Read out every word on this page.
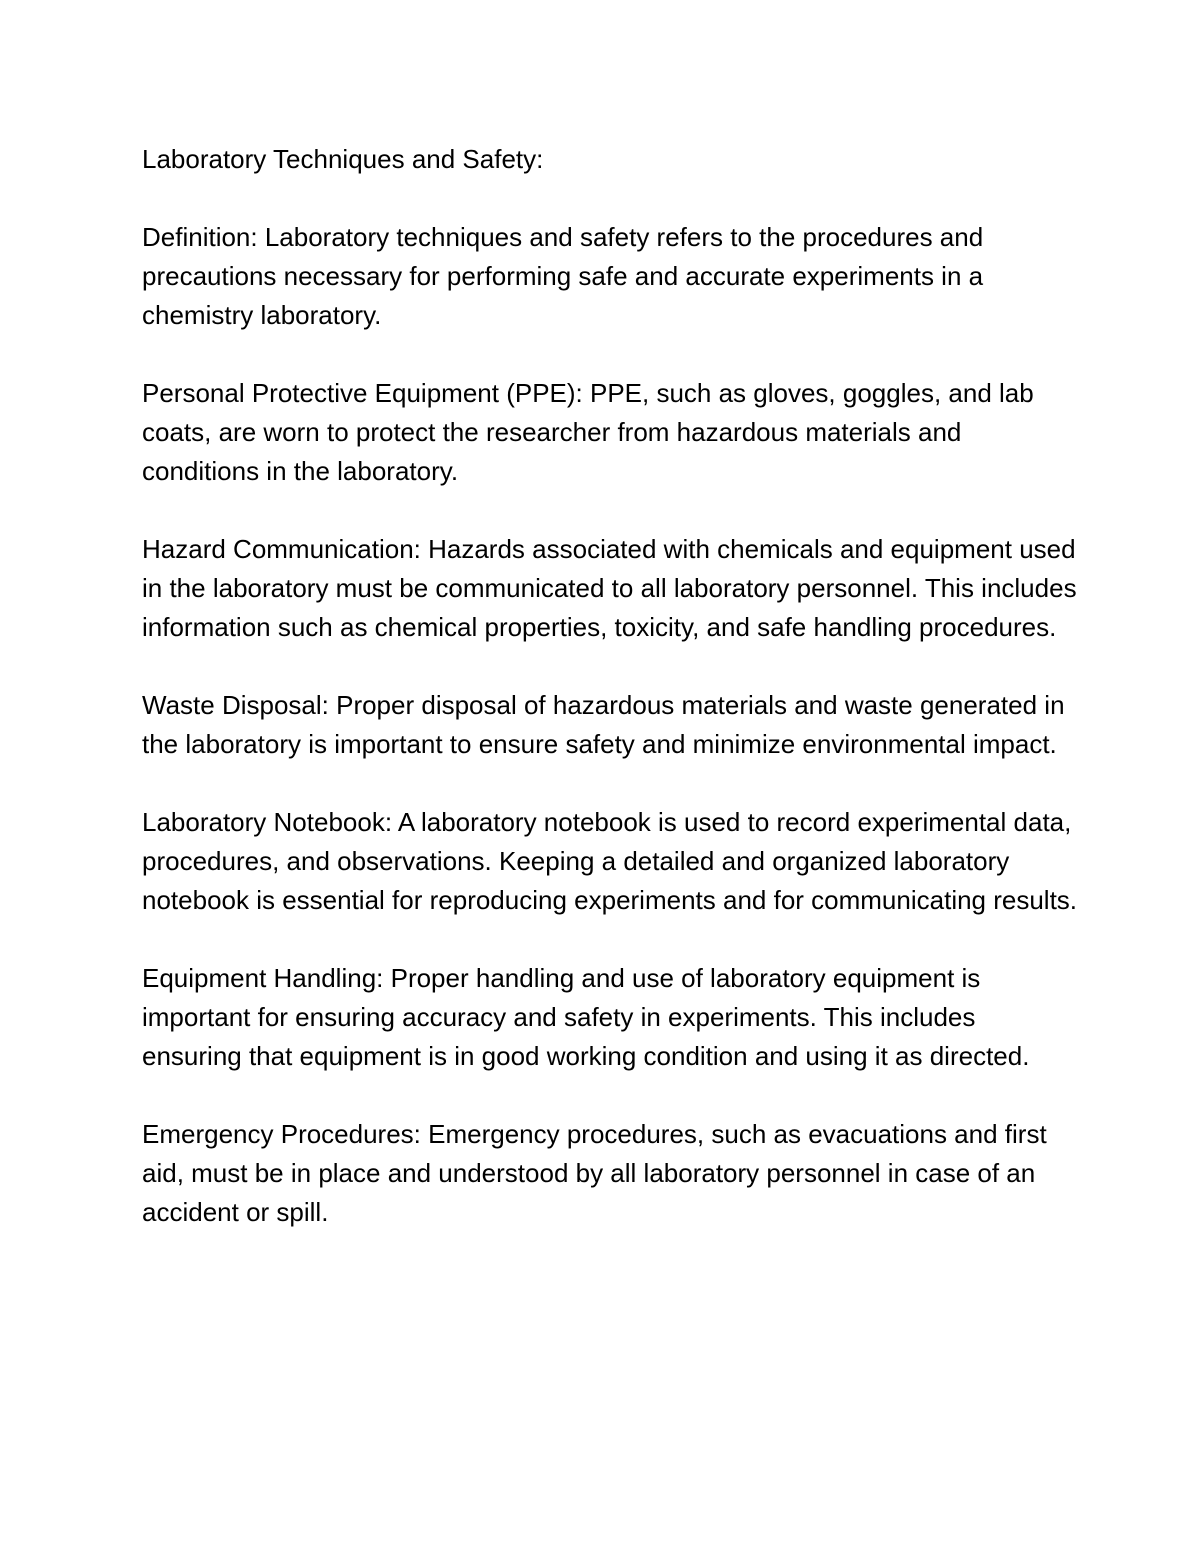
Laboratory Techniques and Safety:

Definition: Laboratory techniques and safety refers to the procedures and precautions necessary for performing safe and accurate experiments in a chemistry laboratory.

Personal Protective Equipment (PPE): PPE, such as gloves, goggles, and lab coats, are worn to protect the researcher from hazardous materials and conditions in the laboratory.

Hazard Communication: Hazards associated with chemicals and equipment used in the laboratory must be communicated to all laboratory personnel. This includes information such as chemical properties, toxicity, and safe handling procedures.

Waste Disposal: Proper disposal of hazardous materials and waste generated in the laboratory is important to ensure safety and minimize environmental impact.

Laboratory Notebook: A laboratory notebook is used to record experimental data, procedures, and observations. Keeping a detailed and organized laboratory notebook is essential for reproducing experiments and for communicating results.

Equipment Handling: Proper handling and use of laboratory equipment is important for ensuring accuracy and safety in experiments. This includes ensuring that equipment is in good working condition and using it as directed.

Emergency Procedures: Emergency procedures, such as evacuations and first aid, must be in place and understood by all laboratory personnel in case of an accident or spill.
